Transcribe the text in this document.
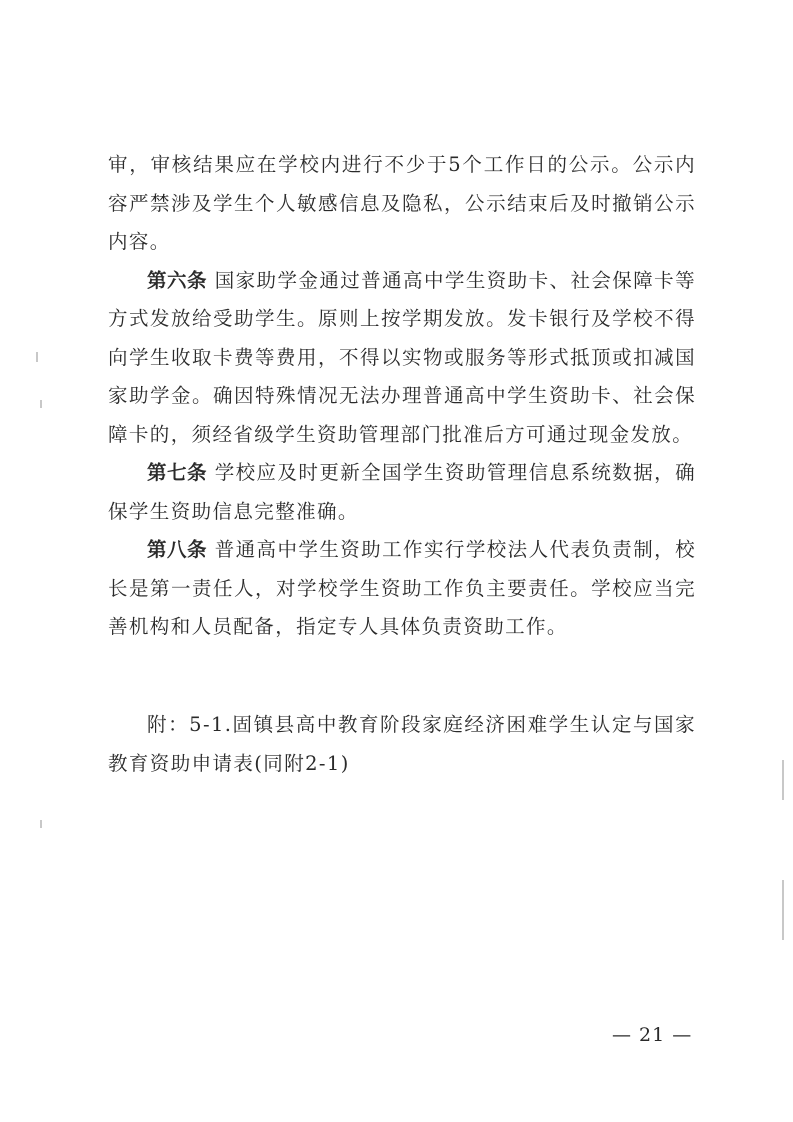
审，审核结果应在学校内进行不少于5个工作日的公示。公示内容严禁涉及学生个人敏感信息及隐私，公示结束后及时撤销公示内容。

第六条 国家助学金通过普通高中学生资助卡、社会保障卡等方式发放给受助学生。原则上按学期发放。发卡银行及学校不得向学生收取卡费等费用，不得以实物或服务等形式抵顶或扣减国家助学金。确因特殊情况无法办理普通高中学生资助卡、社会保障卡的，须经省级学生资助管理部门批准后方可通过现金发放。

第七条 学校应及时更新全国学生资助管理信息系统数据，确保学生资助信息完整准确。

第八条 普通高中学生资助工作实行学校法人代表负责制，校长是第一责任人，对学校学生资助工作负主要责任。学校应当完善机构和人员配备，指定专人具体负责资助工作。

附：5-1.固镇县高中教育阶段家庭经济困难学生认定与国家教育资助申请表(同附2-1)

— 21 —
